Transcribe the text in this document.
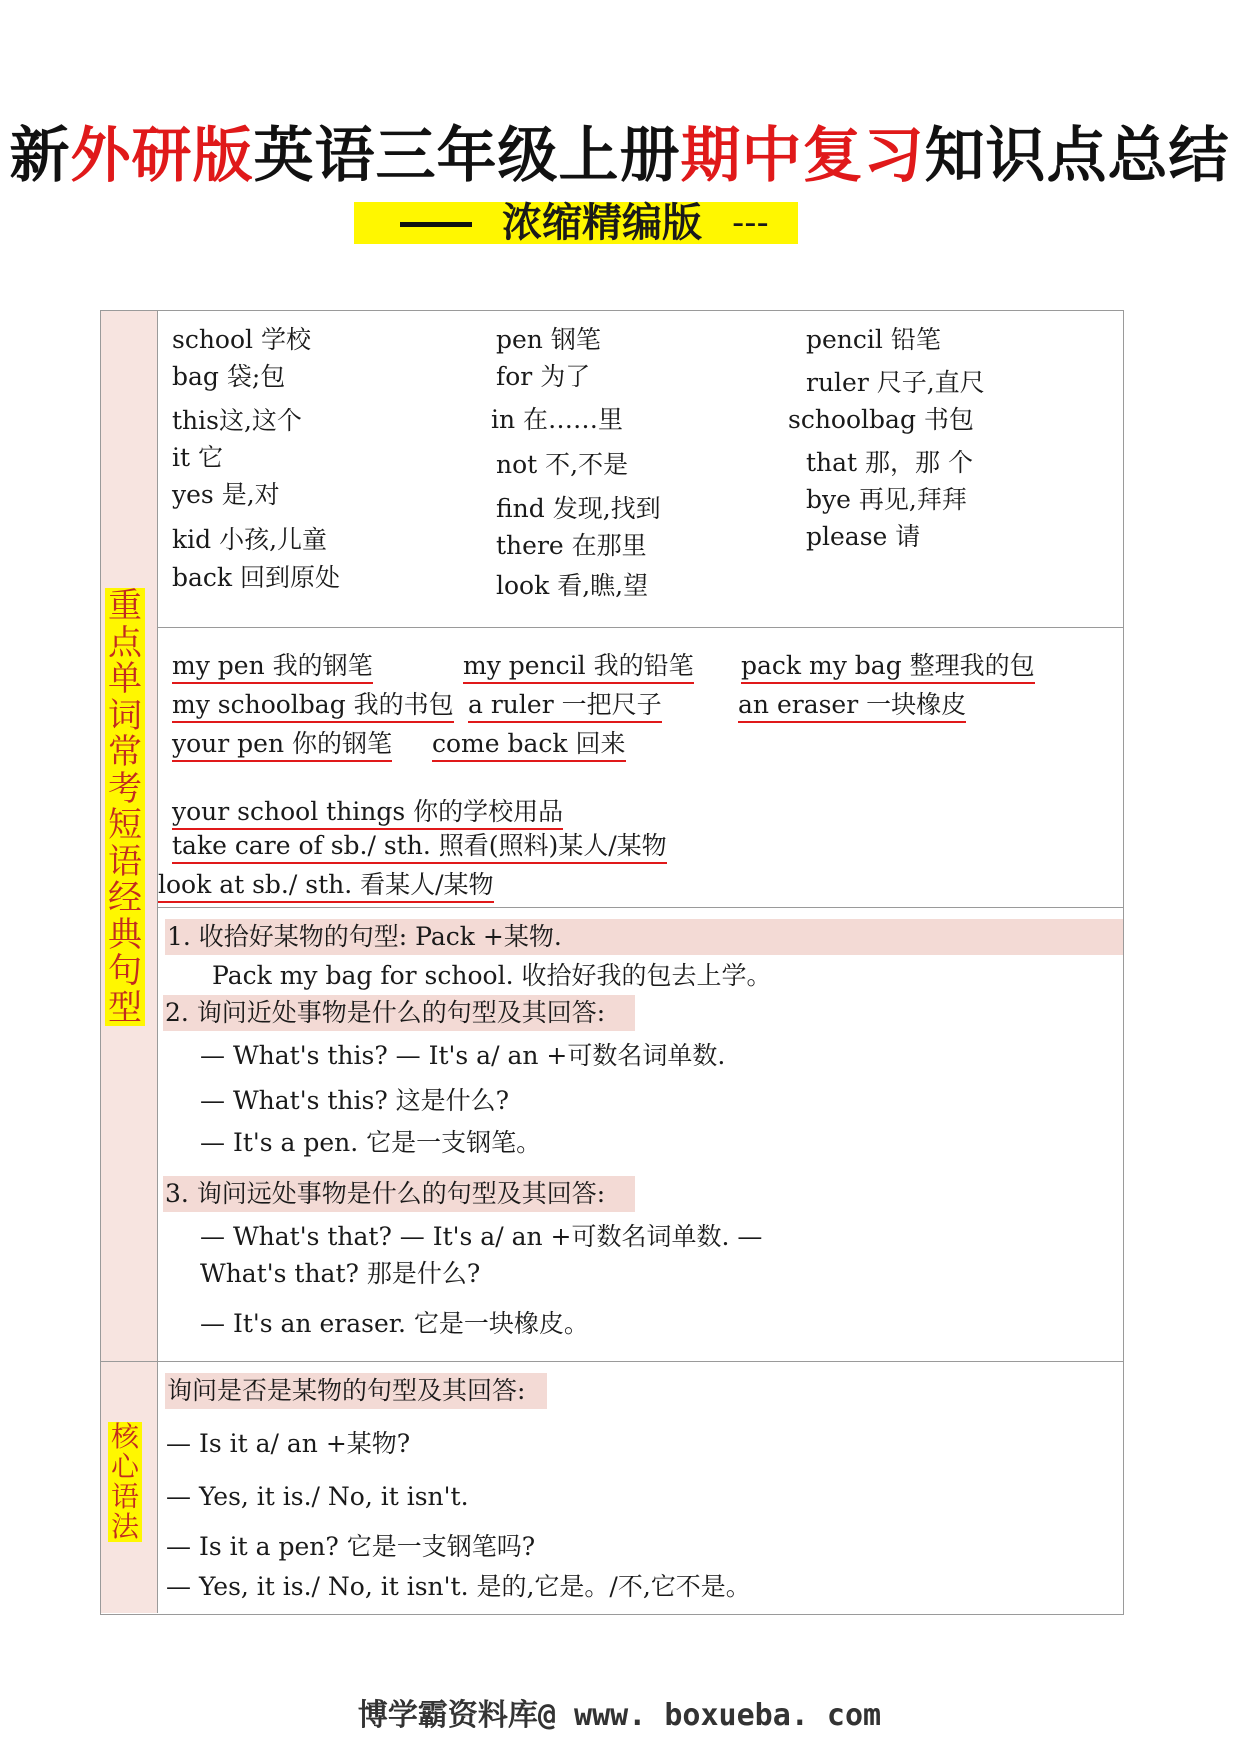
新外研版英语三年级上册期中复习知识点总结
浓缩精编版 ---
重
点
单
词
常
考
短
语
经
典
句
型
核
心
语
法
school 学校	pen 钢笔	pencil 铅笔
bag 袋;包	for 为了	ruler 尺子,直尺
this这,这个	in 在……里	schoolbag 书包
it 它	not 不,不是	that 那，那 个
yes 是,对	find 发现,找到	bye 再见,拜拜
kid 小孩,儿童	there 在那里	please 请
back 回到原处	look 看,瞧,望
my pen 我的钢笔	my pencil 我的铅笔 pack my bag 整理我的包
my schoolbag 我的书包 a ruler 一把尺子	an eraser 一块橡皮
your pen 你的钢笔 come back 回来
your school things 你的学校用品
take care of sb./ sth. 照看(照料)某人/某物
look at sb./ sth. 看某人/某物
1. 收拾好某物的句型: Pack +某物.
Pack my bag for school. 收拾好我的包去上学。
2. 询问近处事物是什么的句型及其回答:
— What's this? — It's a/ an +可数名词单数.
— What's this? 这是什么?
— It's a pen. 它是一支钢笔。
3. 询问远处事物是什么的句型及其回答:
— What's that? — It's a/ an +可数名词单数. —
What's that? 那是什么?
— It's an eraser. 它是一块橡皮。
询问是否是某物的句型及其回答:
— Is it a/ an +某物?
— Yes, it is./ No, it isn't.
— Is it a pen? 它是一支钢笔吗?
— Yes, it is./ No, it isn't. 是的,它是。/不,它不是。
博学霸资料库@ www. boxueba. com
